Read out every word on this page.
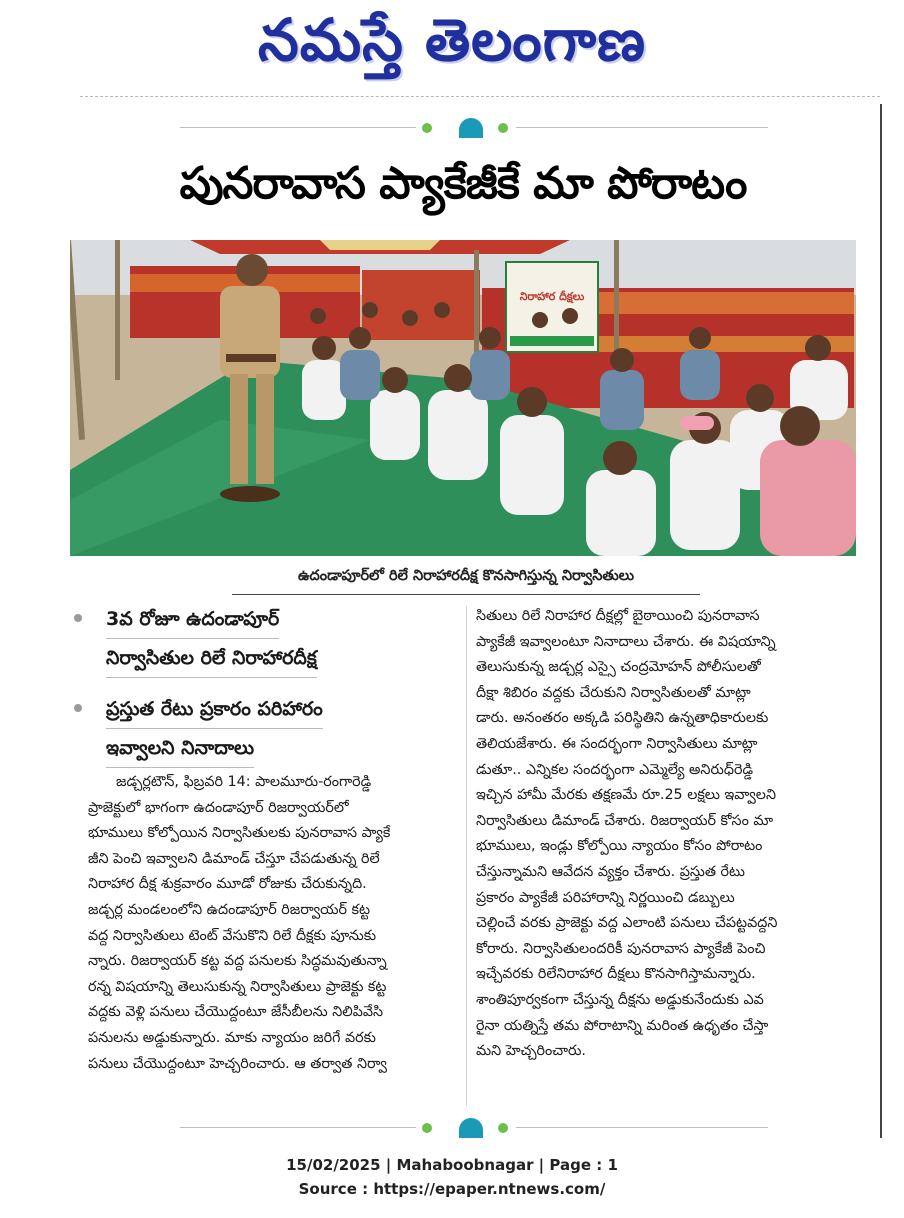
నమస్తే తెలంగాణ
పునరావాస ప్యాకేజీకే మా పోరాటం
నిరాహార దీక్షలు
ఉదండాపూర్‌లో రిలే నిరాహారదీక్ష కొనసాగిస్తున్న నిర్వాసితులు
3వ రోజూ ఉదండాపూర్
నిర్వాసితుల రిలే నిరాహారదీక్ష
ప్రస్తుత రేటు ప్రకారం పరిహారం
ఇవ్వాలని నినాదాలు
జడ్చర్లటౌన్, ఫిబ్రవరి 14: పాలమూరు-రంగారెడ్డి
ప్రాజెక్టులో భాగంగా ఉదండాపూర్ రిజర్వాయర్‌లో
భూములు కోల్పోయిన నిర్వాసితులకు పునరావాస ప్యాకే
జీని పెంచి ఇవ్వాలని డిమాండ్ చేస్తూ చేపడుతున్న రిలే
నిరాహార దీక్ష శుక్రవారం మూడో రోజుకు చేరుకున్నది.
జడ్చర్ల మండలంలోని ఉదండాపూర్ రిజర్వాయర్ కట్ట
వద్ద నిర్వాసితులు టెంట్ వేసుకొని రిలే దీక్షకు పూనుకు
న్నారు. రిజర్వాయర్ కట్ట వద్ద పనులకు సిద్ధమవుతున్నా
రన్న విషయాన్ని తెలుసుకున్న నిర్వాసితులు ప్రాజెక్టు కట్ట
వద్దకు వెళ్లి పనులు చేయొద్దంటూ జేసీబీలను నిలిపివేసి
పనులను అడ్డుకున్నారు. మాకు న్యాయం జరిగే వరకు
పనులు చేయొద్దంటూ హెచ్చరించారు. ఆ తర్వాత నిర్వా
సితులు రిలే నిరాహార దీక్షల్లో బైఠాయించి పునరావాస
ప్యాకేజీ ఇవ్వాలంటూ నినాదాలు చేశారు. ఈ విషయాన్ని
తెలుసుకున్న జడ్చర్ల ఎస్సై చంద్రమోహన్ పోలీసులతో
దీక్షా శిబిరం వద్దకు చేరుకుని నిర్వాసితులతో మాట్లా
డారు. అనంతరం అక్కడి పరిస్థితిని ఉన్నతాధికారులకు
తెలియజేశారు. ఈ సందర్భంగా నిర్వాసితులు మాట్లా
డుతూ.. ఎన్నికల సందర్భంగా ఎమ్మెల్యే అనిరుధ్‌రెడ్డి
ఇచ్చిన హామీ మేరకు తక్షణమే రూ.25 లక్షలు ఇవ్వాలని
నిర్వాసితులు డిమాండ్ చేశారు. రిజర్వాయర్ కోసం మా
భూములు, ఇండ్లు కోల్పోయి న్యాయం కోసం పోరాటం
చేస్తున్నామని ఆవేదన వ్యక్తం చేశారు. ప్రస్తుత రేటు
ప్రకారం ప్యాకేజీ పరిహారాన్ని నిర్ణయించి డబ్బులు
చెల్లించే వరకు ప్రాజెక్టు వద్ద ఎలాంటి పనులు చేపట్టవద్దని
కోరారు. నిర్వాసితులందరికీ పునరావాస ప్యాకేజీ పెంచి
ఇచ్చేవరకు రిలేనిరాహార దీక్షలు కొనసాగిస్తామన్నారు.
శాంతిపూర్వకంగా చేస్తున్న దీక్షను అడ్డుకునేందుకు ఎవ
రైనా యత్నిస్తే తమ పోరాటాన్ని మరింత ఉధృతం చేస్తా
మని హెచ్చరించారు.
15/02/2025 | Mahaboobnagar | Page : 1
Source : https://epaper.ntnews.com/
